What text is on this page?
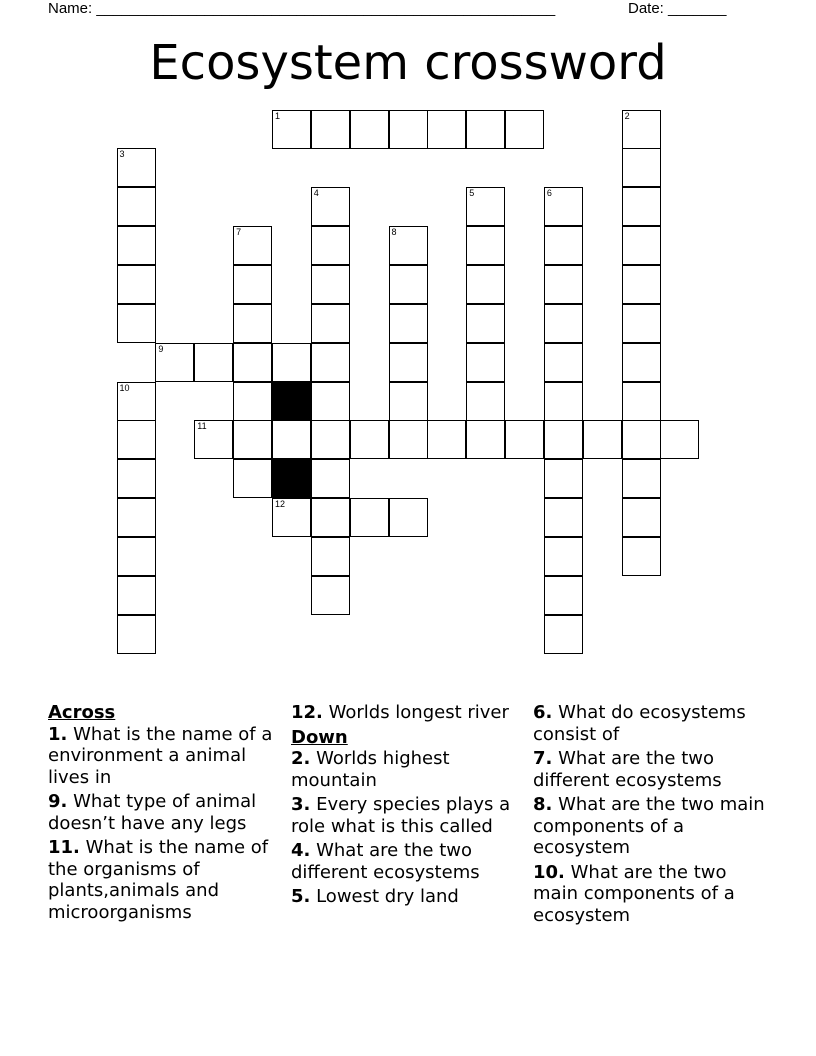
Name: _______________________________________________________	Date: _______
Ecosystem crossword
1	2
3
4	5	6
7	8
9
10
11
12
Across
1. What is the name of a environment a animal lives in
9. What type of animal doesn’t have any legs
11. What is the name of the organisms of plants,animals and microorganisms
12. Worlds longest river
Down
2. Worlds highest mountain
3. Every species plays a role what is this called
4. What are the two different ecosystems
5. Lowest dry land
6. What do ecosystems consist of
7. What are the two different ecosystems
8. What are the two main components of a ecosystem
10. What are the two main components of a ecosystem
